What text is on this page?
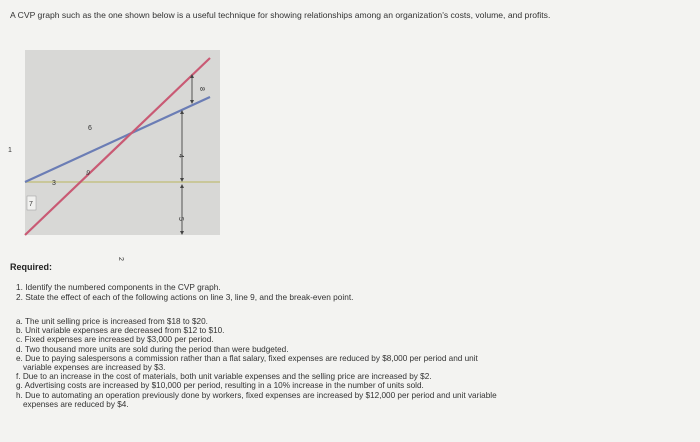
A CVP graph such as the one shown below is a useful technique for showing relationships among an organization's costs, volume, and profits.
1
2
3
4
5
6
7
8
9
Required:

1. Identify the numbered components in the CVP graph.

2. State the effect of each of the following actions on line 3, line 9, and the break-even point.

a. The unit selling price is increased from $18 to $20.

b. Unit variable expenses are decreased from $12 to $10.

c. Fixed expenses are increased by $3,000 per period.

d. Two thousand more units are sold during the period than were budgeted.

e. Due to paying salespersons a commission rather than a flat salary, fixed expenses are reduced by $8,000 per period and unit
variable expenses are increased by $3.

f. Due to an increase in the cost of materials, both unit variable expenses and the selling price are increased by $2.

g. Advertising costs are increased by $10,000 per period, resulting in a 10% increase in the number of units sold.

h. Due to automating an operation previously done by workers, fixed expenses are increased by $12,000 per period and unit variable
expenses are reduced by $4.
